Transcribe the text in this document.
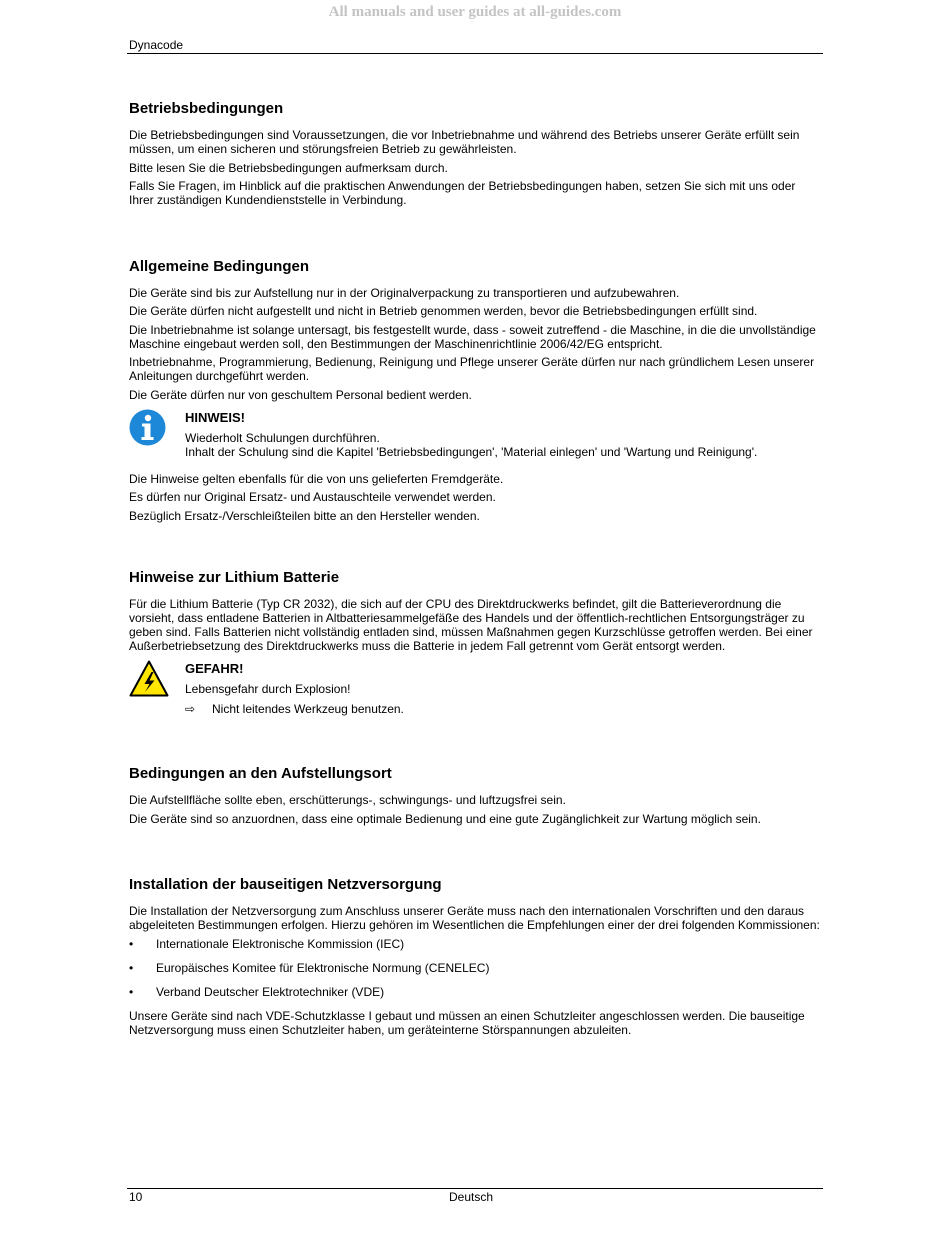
All manuals and user guides at all-guides.com
Dynacode
Betriebsbedingungen

Die Betriebsbedingungen sind Voraussetzungen, die vor Inbetriebnahme und während des Betriebs unserer Geräte erfüllt sein müssen, um einen sicheren und störungsfreien Betrieb zu gewährleisten.

Bitte lesen Sie die Betriebsbedingungen aufmerksam durch.

Falls Sie Fragen, im Hinblick auf die praktischen Anwendungen der Betriebsbedingungen haben, setzen Sie sich mit uns oder Ihrer zuständigen Kundendienststelle in Verbindung.

Allgemeine Bedingungen

Die Geräte sind bis zur Aufstellung nur in der Originalverpackung zu transportieren und aufzubewahren.

Die Geräte dürfen nicht aufgestellt und nicht in Betrieb genommen werden, bevor die Betriebsbedingungen erfüllt sind.

Die Inbetriebnahme ist solange untersagt, bis festgestellt wurde, dass - soweit zutreffend - die Maschine, in die die unvollständige Maschine eingebaut werden soll, den Bestimmungen der Maschinenrichtlinie 2006/42/EG entspricht.

Inbetriebnahme, Programmierung, Bedienung, Reinigung und Pflege unserer Geräte dürfen nur nach gründlichem Lesen unserer Anleitungen durchgeführt werden.

Die Geräte dürfen nur von geschultem Personal bedient werden.

HINWEIS!

Wiederholt Schulungen durchführen.

Inhalt der Schulung sind die Kapitel 'Betriebsbedingungen', 'Material einlegen' und 'Wartung und Reinigung'.

Die Hinweise gelten ebenfalls für die von uns gelieferten Fremdgeräte.

Es dürfen nur Original Ersatz- und Austauschteile verwendet werden.

Bezüglich Ersatz-/Verschleißteilen bitte an den Hersteller wenden.

Hinweise zur Lithium Batterie

Für die Lithium Batterie (Typ CR 2032), die sich auf der CPU des Direktdruckwerks befindet, gilt die Batterieverordnung die vorsieht, dass entladene Batterien in Altbatteriesammelgefäße des Handels und der öffentlich-rechtlichen Entsorgungsträger zu geben sind. Falls Batterien nicht vollständig entladen sind, müssen Maßnahmen gegen Kurzschlüsse getroffen werden. Bei einer Außerbetriebsetzung des Direktdruckwerks muss die Batterie in jedem Fall getrennt vom Gerät entsorgt werden.

GEFAHR!

Lebensgefahr durch Explosion!

⇨ Nicht leitendes Werkzeug benutzen.

Bedingungen an den Aufstellungsort

Die Aufstellfläche sollte eben, erschütterungs-, schwingungs- und luftzugsfrei sein.

Die Geräte sind so anzuordnen, dass eine optimale Bedienung und eine gute Zugänglichkeit zur Wartung möglich sein.

Installation der bauseitigen Netzversorgung

Die Installation der Netzversorgung zum Anschluss unserer Geräte muss nach den internationalen Vorschriften und den daraus abgeleiteten Bestimmungen erfolgen. Hierzu gehören im Wesentlichen die Empfehlungen einer der drei folgenden Kommissionen:

• Internationale Elektronische Kommission (IEC)
• Europäisches Komitee für Elektronische Normung (CENELEC)
• Verband Deutscher Elektrotechniker (VDE)

Unsere Geräte sind nach VDE-Schutzklasse I gebaut und müssen an einen Schutzleiter angeschlossen werden. Die bauseitige Netzversorgung muss einen Schutzleiter haben, um geräteinterne Störspannungen abzuleiten.

10	Deutsch
